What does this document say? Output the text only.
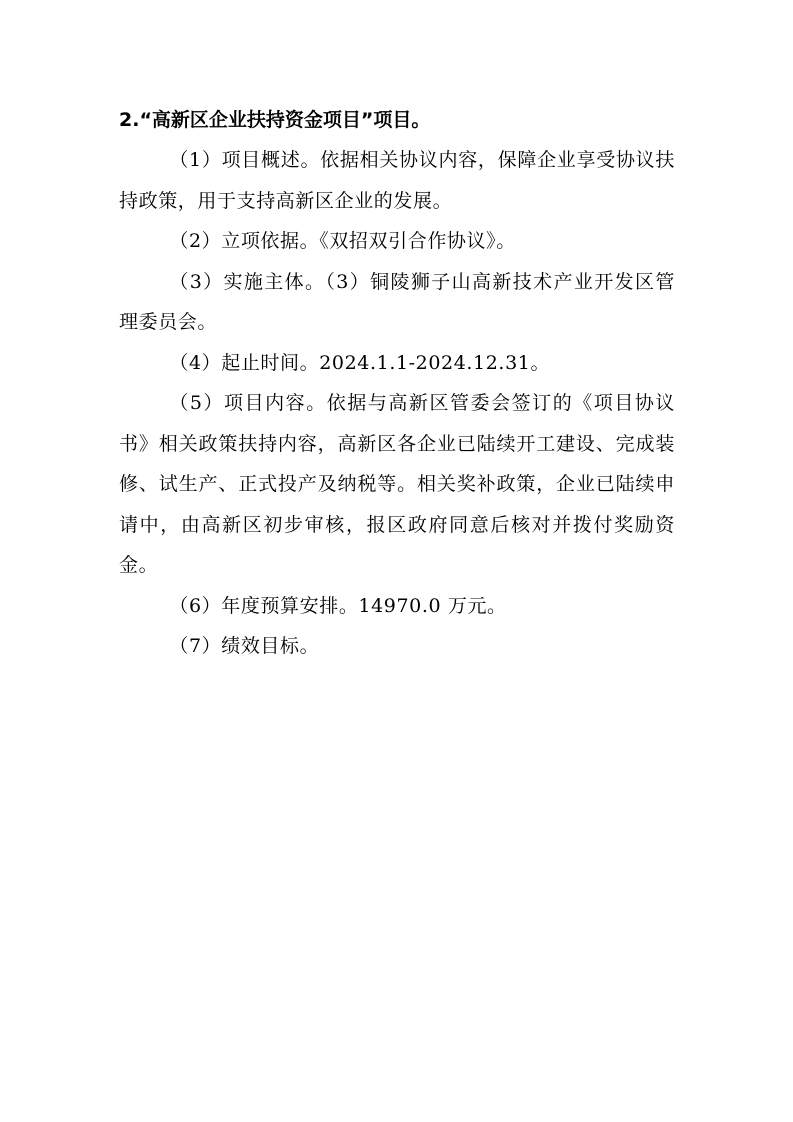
2.“高新区企业扶持资金项目”项目。

（1）项目概述。依据相关协议内容，保障企业享受协议扶持政策，用于支持高新区企业的发展。

（2）立项依据。《双招双引合作协议》。

（3）实施主体。（3）铜陵狮子山高新技术产业开发区管理委员会。

（4）起止时间。2024.1.1-2024.12.31。

（5）项目内容。依据与高新区管委会签订的《项目协议书》相关政策扶持内容，高新区各企业已陆续开工建设、完成装修、试生产、正式投产及纳税等。相关奖补政策，企业已陆续申请中，由高新区初步审核，报区政府同意后核对并拨付奖励资金。

（6）年度预算安排。14970.0 万元。

（7）绩效目标。
